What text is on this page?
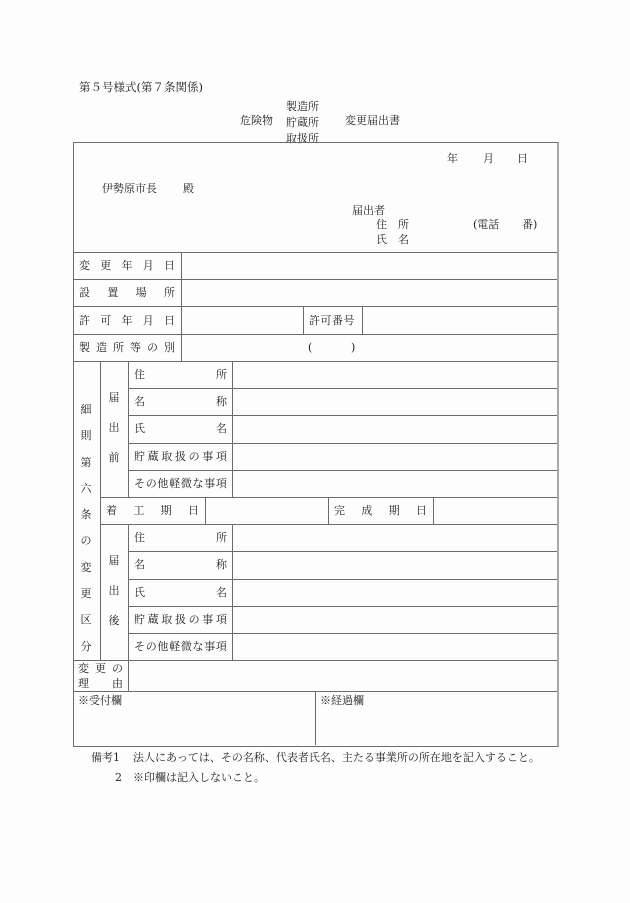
第５号様式(第７条関係)
危険物
製造所
貯蔵所
取扱所
変更届出書
年 月 日
伊勢原市長 殿
届出者
住　所	(電話 番)
氏　名
変 更 年 月 日
設 置 場 所
許 可 年 月 日	許可番号
製 造 所 等 の 別	(	)
細
則
第
六
条
の
変
更
区
分
届
出
前
住	所
名	称
氏	名
貯 蔵 取 扱 の 事 項
そ の 他 軽 微 な 事 項
着 工 期 日	完 成 期 日
届
出
後
住	所
名	称
氏	名
貯 蔵 取 扱 の 事 項
そ の 他 軽 微 な 事 項
変 更 の
理 由
※受付欄	※経過欄
備考1 法人にあっては、その名称、代表者氏名、主たる事業所の所在地を記入すること。
2 ※印欄は記入しないこと。
